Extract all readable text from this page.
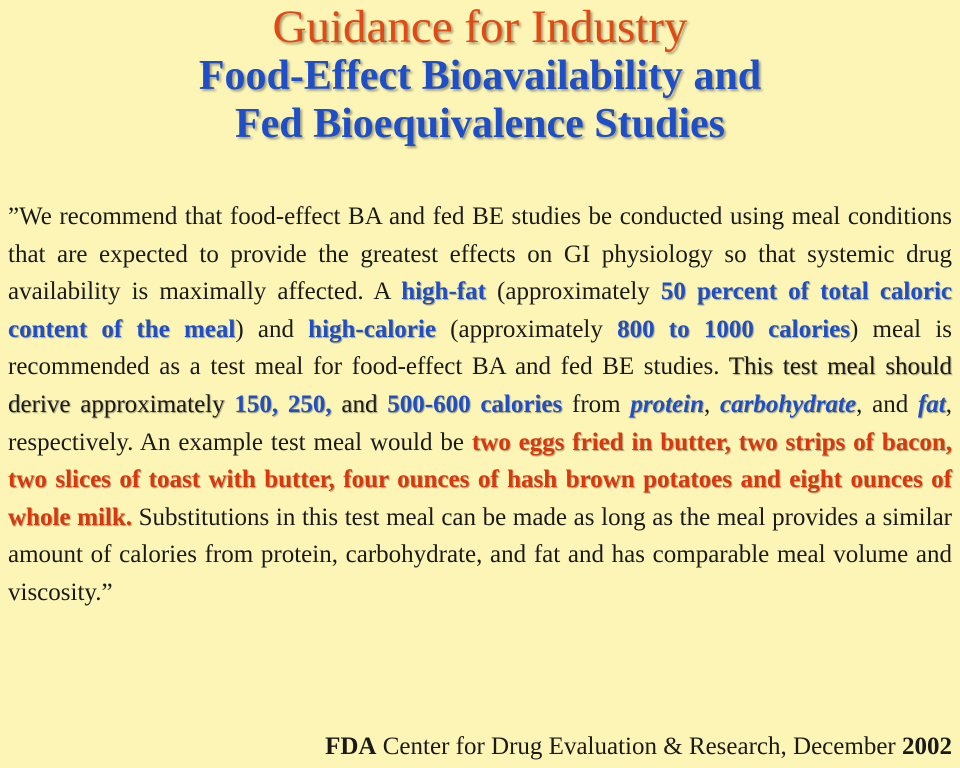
Guidance for Industry
Food-Effect Bioavailability and
Fed Bioequivalence Studies
”We recommend that food-effect BA and fed BE studies be conducted using meal conditions that are expected to provide the greatest effects on GI physiology so that systemic drug availability is maximally affected. A high-fat (approximately 50 percent of total caloric content of the meal) and high-calorie (approximately 800 to 1000 calories) meal is recommended as a test meal for food-effect BA and fed BE studies. This test meal should derive approximately 150, 250, and 500-600 calories from protein, carbohydrate, and fat, respectively. An example test meal would be two eggs fried in butter, two strips of bacon, two slices of toast with butter, four ounces of hash brown potatoes and eight ounces of whole milk. Substitutions in this test meal can be made as long as the meal provides a similar amount of calories from protein, carbohydrate, and fat and has comparable meal volume and viscosity.”
FDA Center for Drug Evaluation & Research, December 2002
